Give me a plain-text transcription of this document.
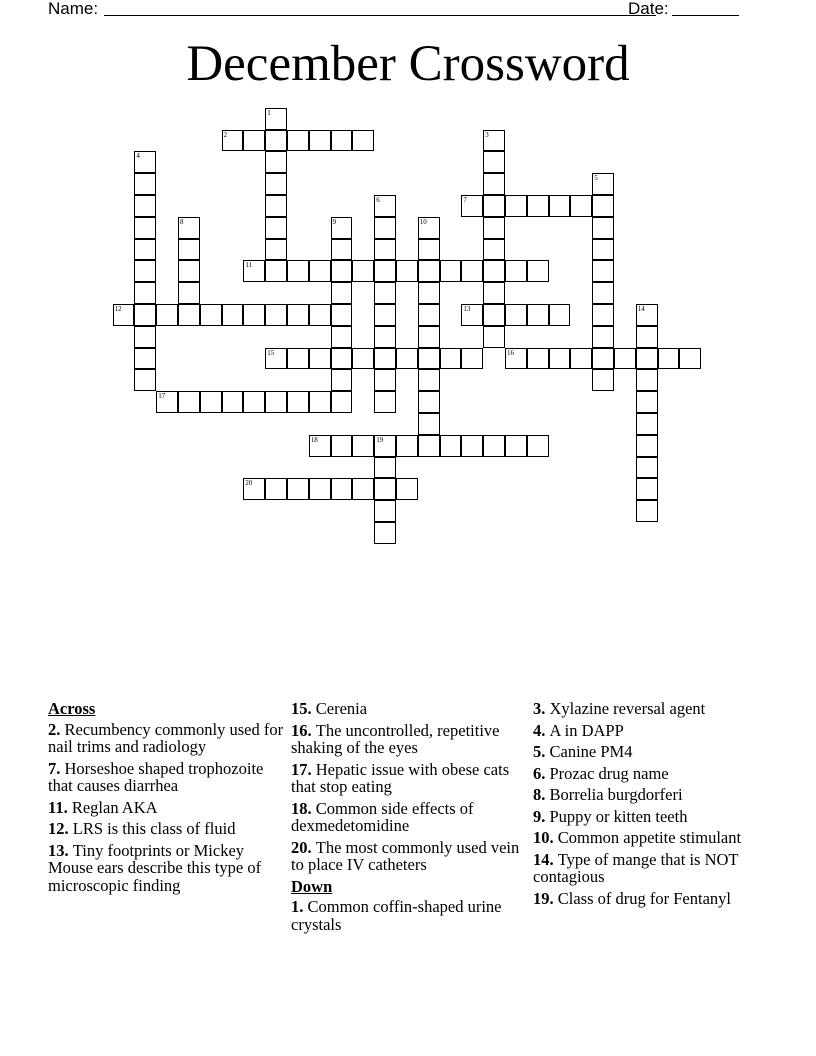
Name:	Date:
December Crossword
2
7
11
12	13
15	16
17
18	19
20
1
3
4
5
6
8	9	10
14
Across
2. Recumbency commonly used for nail trims and radiology
7. Horseshoe shaped trophozoite that causes diarrhea
11. Reglan AKA
12. LRS is this class of fluid
13. Tiny footprints or Mickey Mouse ears describe this type of microscopic finding
15. Cerenia
16. The uncontrolled, repetitive shaking of the eyes
17. Hepatic issue with obese cats that stop eating
18. Common side effects of dexmedetomidine
20. The most commonly used vein to place IV catheters
Down
1. Common coffin-shaped urine crystals
3. Xylazine reversal agent
4. A in DAPP
5. Canine PM4
6. Prozac drug name
8. Borrelia burgdorferi
9. Puppy or kitten teeth
10. Common appetite stimulant
14. Type of mange that is NOT contagious
19. Class of drug for Fentanyl
